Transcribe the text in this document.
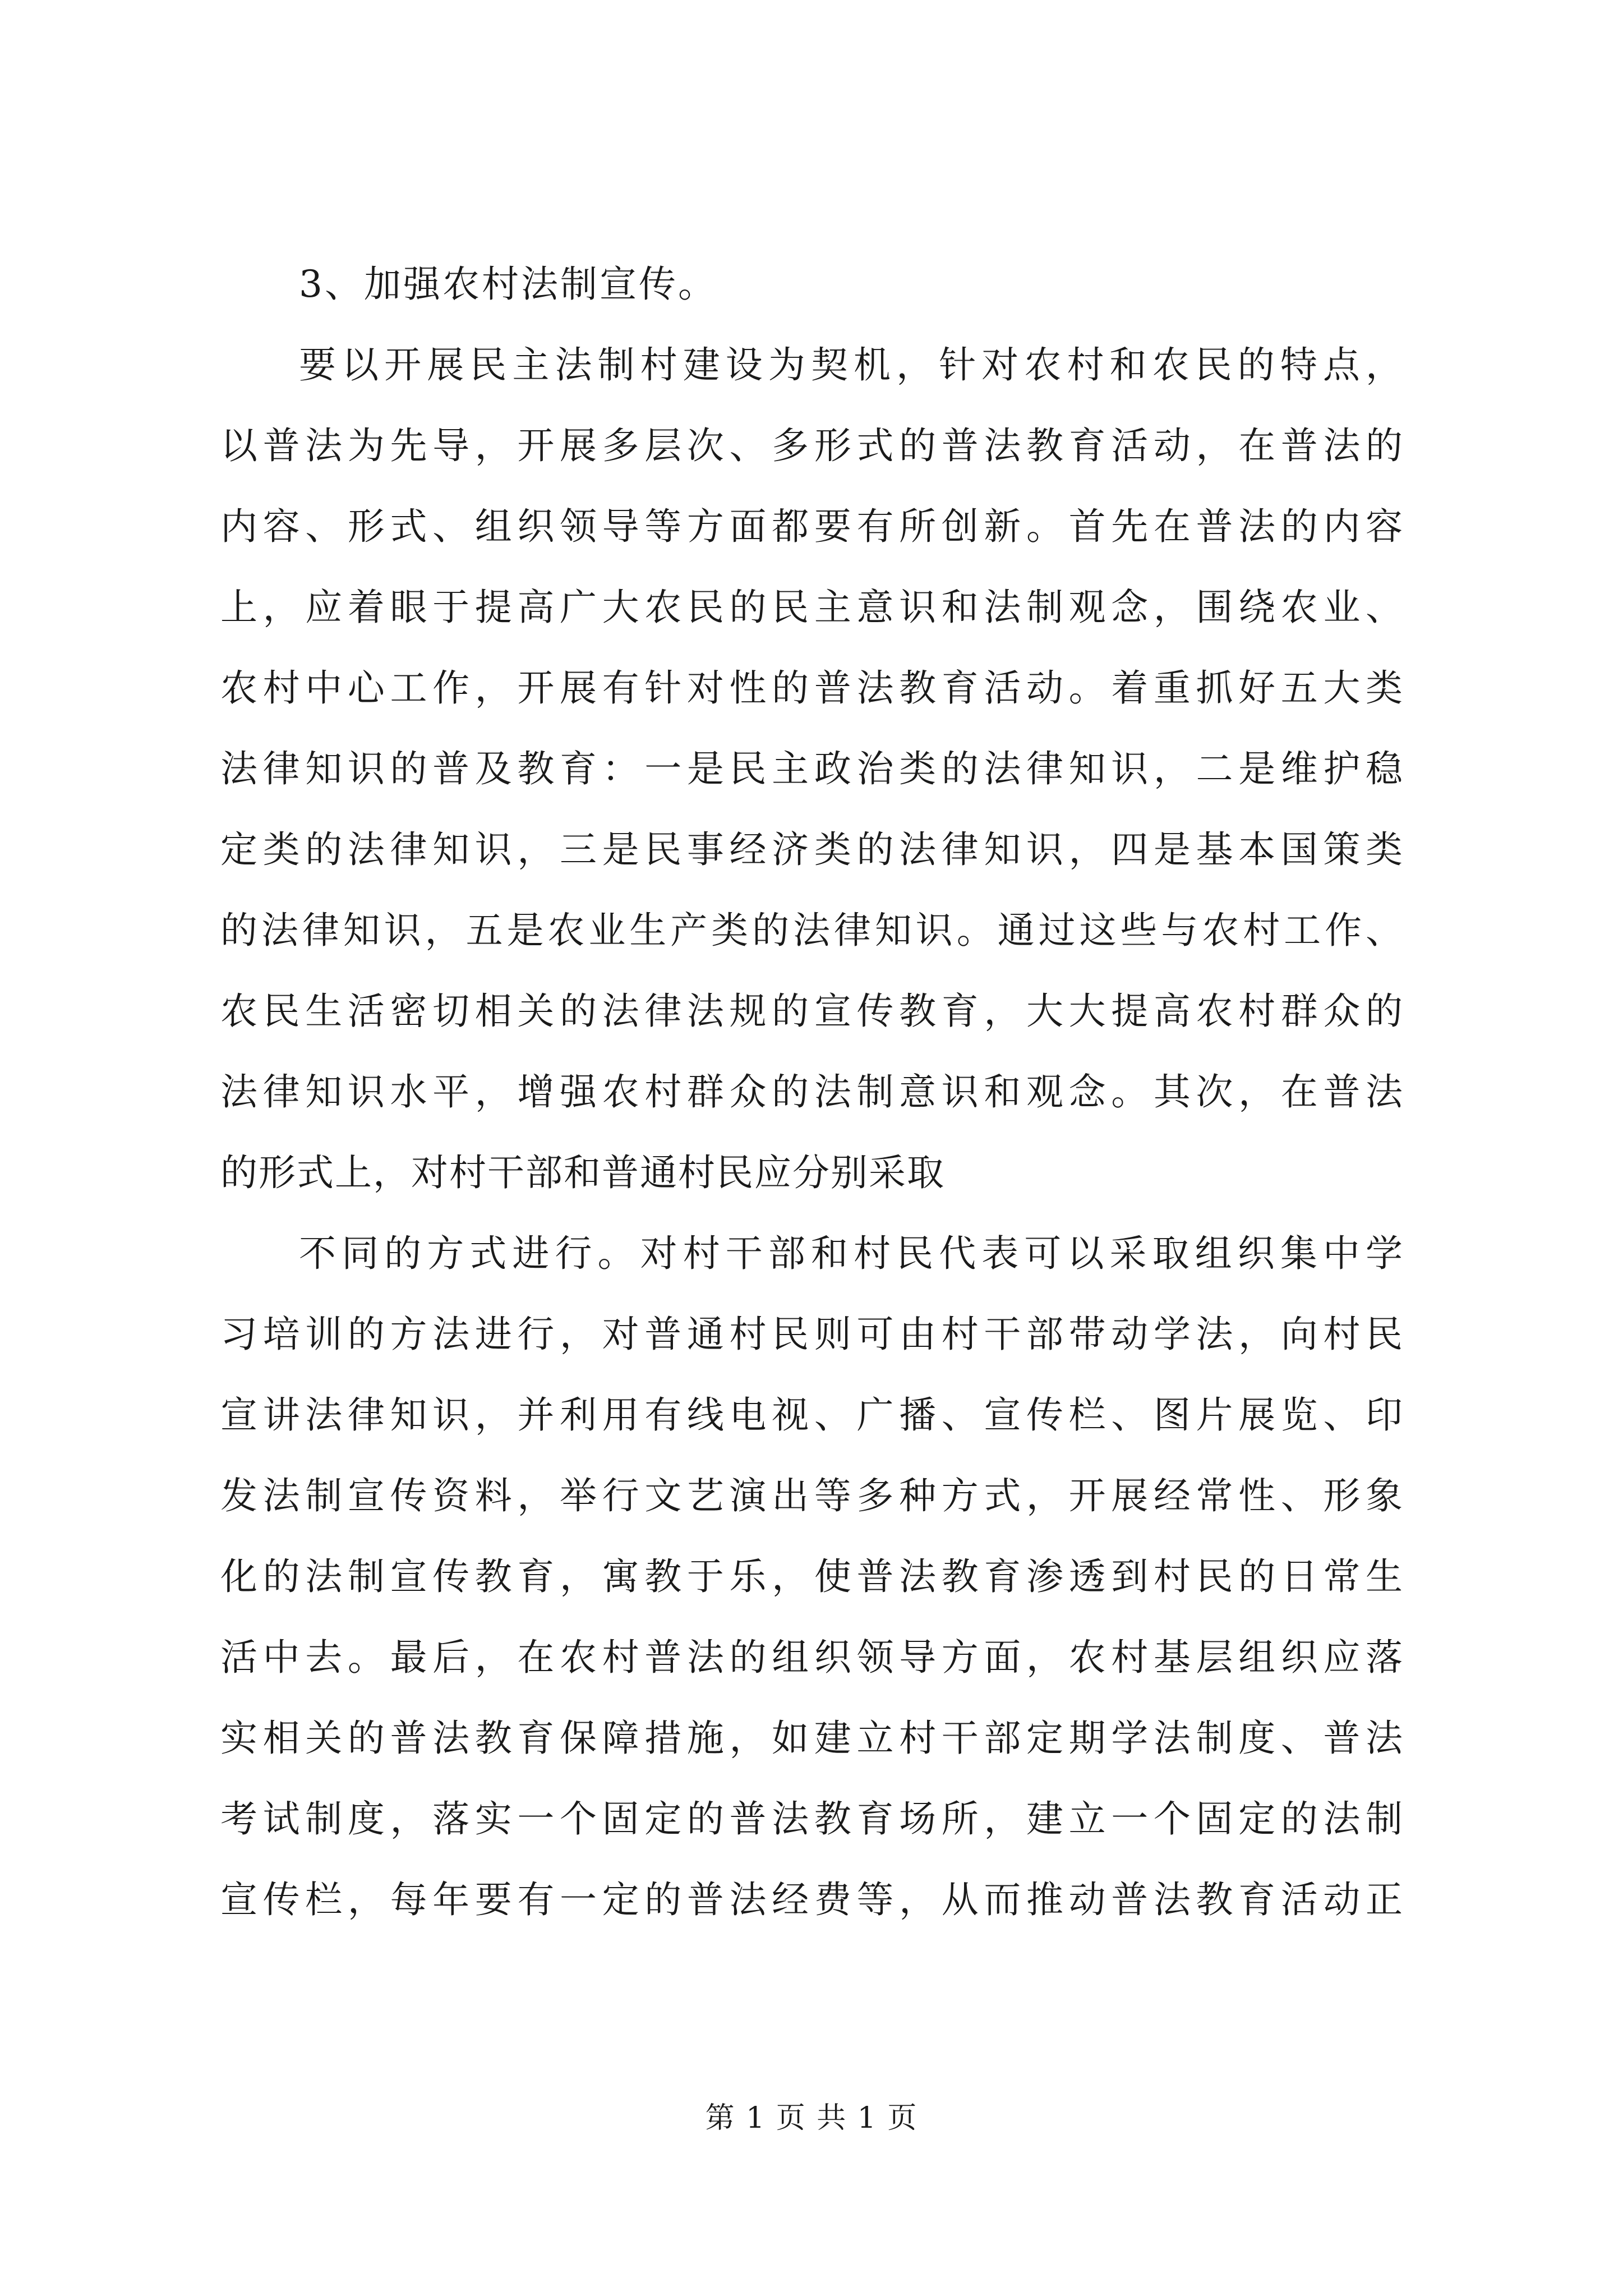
3、加强农村法制宣传。

要以开展民主法制村建设为契机，针对农村和农民的特点，
以普法为先导，开展多层次、多形式的普法教育活动，在普法的
内容、形式、组织领导等方面都要有所创新。首先在普法的内容
上，应着眼于提高广大农民的民主意识和法制观念，围绕农业、
农村中心工作，开展有针对性的普法教育活动。着重抓好五大类
法律知识的普及教育：一是民主政治类的法律知识，二是维护稳
定类的法律知识，三是民事经济类的法律知识，四是基本国策类
的法律知识，五是农业生产类的法律知识。通过这些与农村工作、
农民生活密切相关的法律法规的宣传教育，大大提高农村群众的
法律知识水平，增强农村群众的法制意识和观念。其次，在普法
的形式上，对村干部和普通村民应分别采取
不同的方式进行。对村干部和村民代表可以采取组织集中学
习培训的方法进行，对普通村民则可由村干部带动学法，向村民
宣讲法律知识，并利用有线电视、广播、宣传栏、图片展览、印
发法制宣传资料，举行文艺演出等多种方式，开展经常性、形象
化的法制宣传教育，寓教于乐，使普法教育渗透到村民的日常生
活中去。最后，在农村普法的组织领导方面，农村基层组织应落
实相关的普法教育保障措施，如建立村干部定期学法制度、普法
考试制度，落实一个固定的普法教育场所，建立一个固定的法制
宣传栏，每年要有一定的普法经费等，从而推动普法教育活动正
第 1 页 共 1 页
